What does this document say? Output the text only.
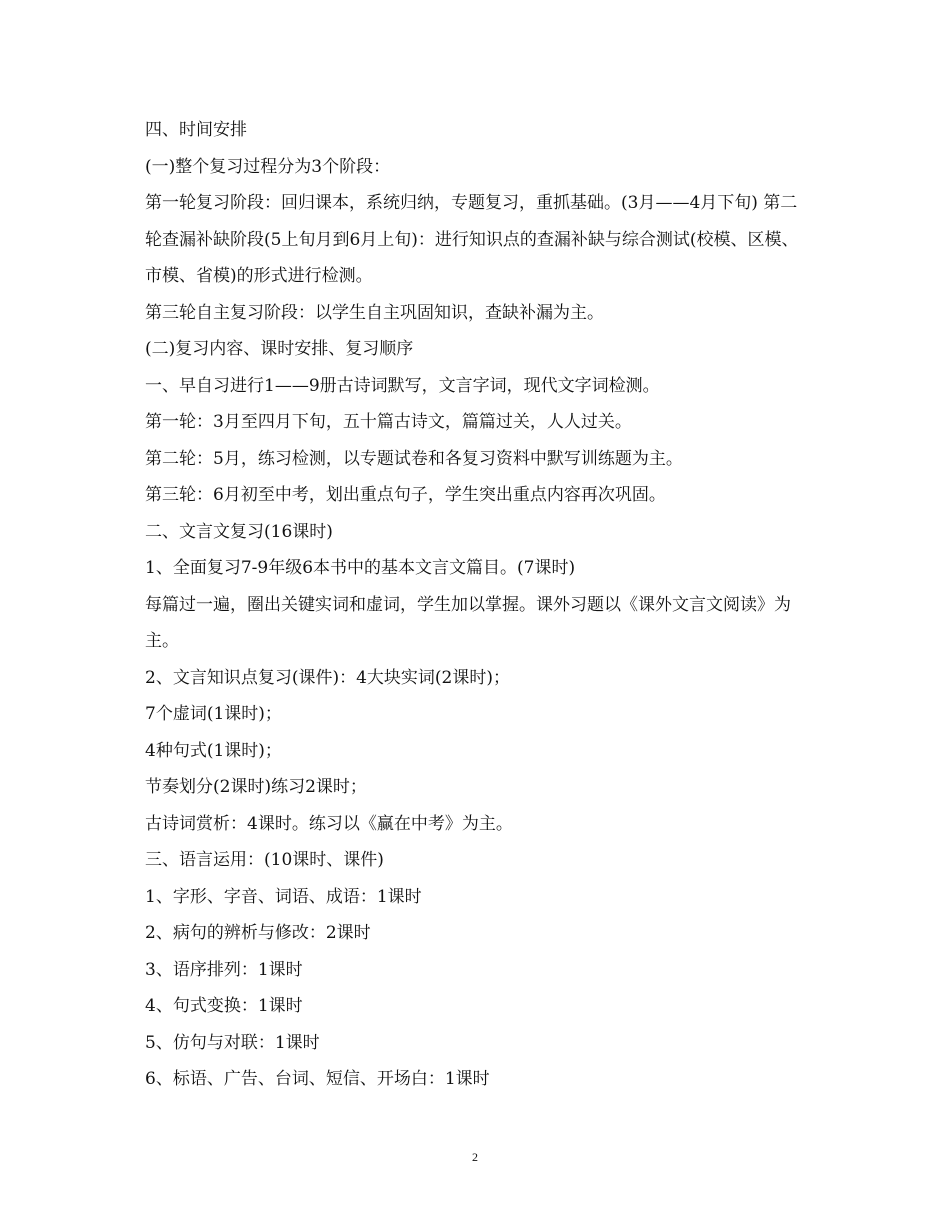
四、时间安排

(一)整个复习过程分为3个阶段：

第一轮复习阶段：回归课本，系统归纳，专题复习，重抓基础。(3月——4月下旬) 第二轮查漏补缺阶段(5上旬月到6月上旬)：进行知识点的查漏补缺与综合测试(校模、区模、市模、省模)的形式进行检测。

第三轮自主复习阶段：以学生自主巩固知识，查缺补漏为主。

(二)复习内容、课时安排、复习顺序

一、早自习进行1——9册古诗词默写，文言字词，现代文字词检测。

第一轮：3月至四月下旬，五十篇古诗文，篇篇过关，人人过关。

第二轮：5月，练习检测，以专题试卷和各复习资料中默写训练题为主。

第三轮：6月初至中考，划出重点句子，学生突出重点内容再次巩固。

二、文言文复习(16课时)

1、全面复习7-9年级6本书中的基本文言文篇目。(7课时)

每篇过一遍，圈出关键实词和虚词，学生加以掌握。课外习题以《课外文言文阅读》为主。

2、文言知识点复习(课件)：4大块实词(2课时)；

7个虚词(1课时)；

4种句式(1课时)；

节奏划分(2课时)练习2课时；

古诗词赏析：4课时。练习以《赢在中考》为主。

三、语言运用：(10课时、课件)

1、字形、字音、词语、成语：1课时

2、病句的辨析与修改：2课时

3、语序排列：1课时

4、句式变换：1课时

5、仿句与对联：1课时

6、标语、广告、台词、短信、开场白：1课时

2
